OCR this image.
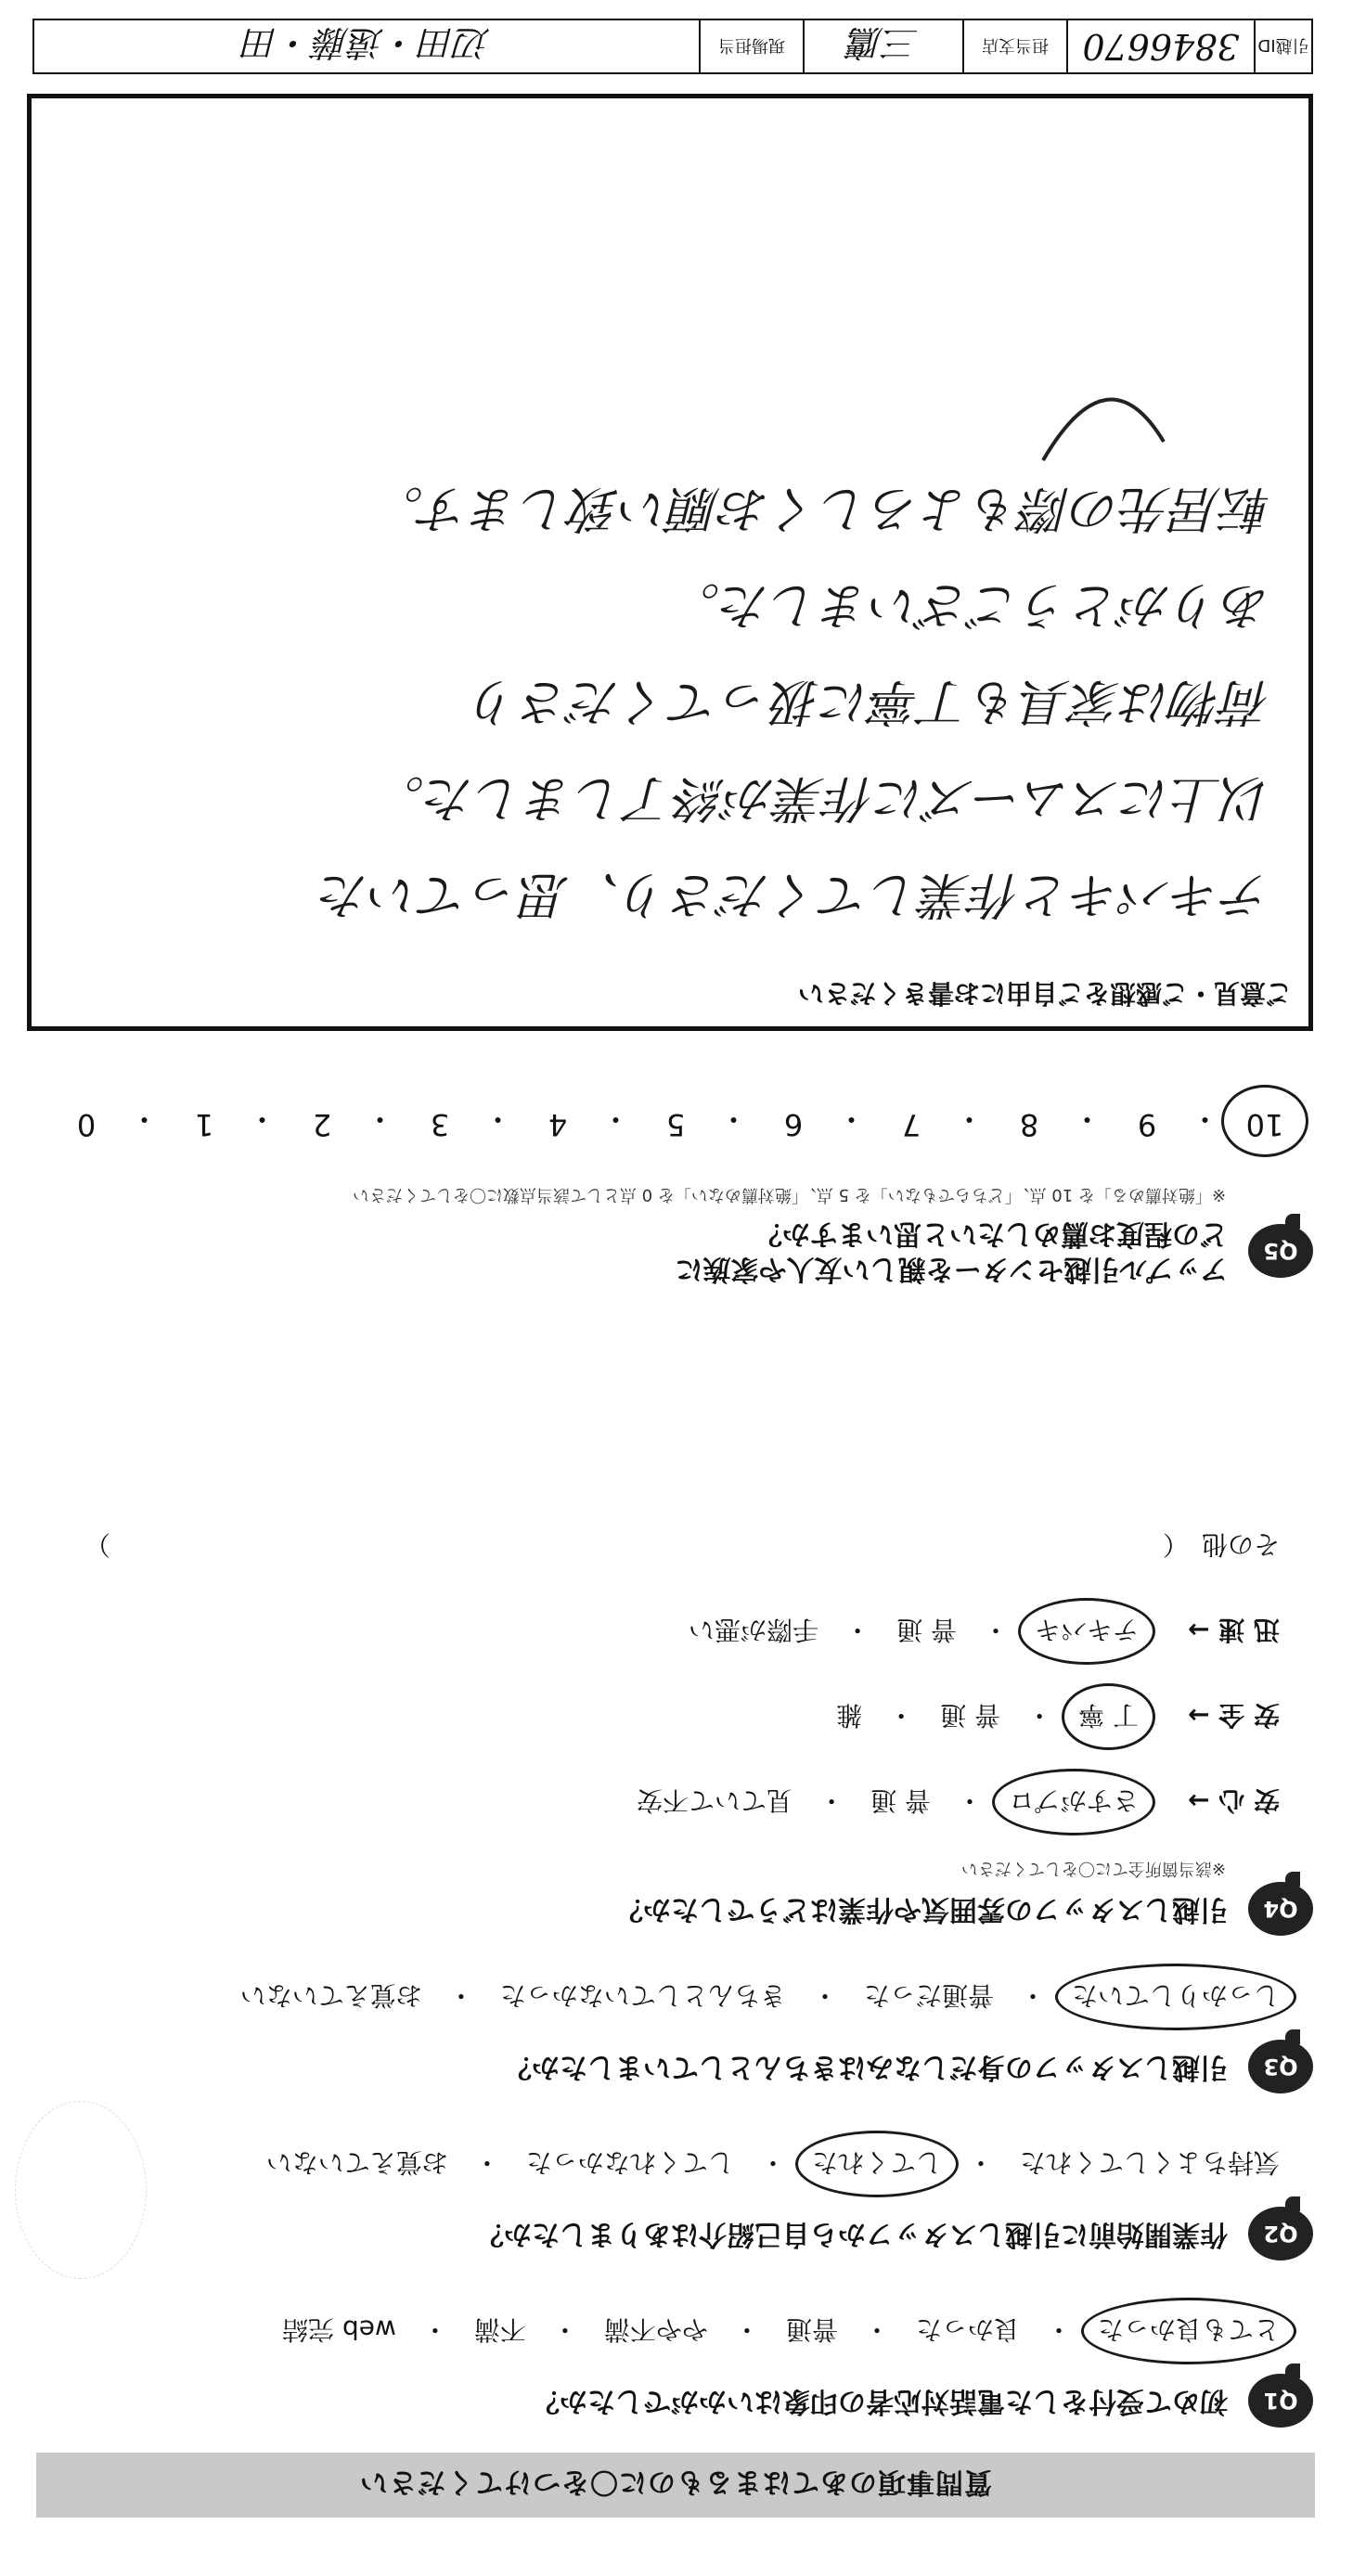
質問事項のあてはまるものに〇をつけてください
Q1
初めて受付をした電話対応者の印象はいかがでしたか？
とても良かった
・
良かった
・
普通
・
やや不満
・
不満
・
web 完結
Q2
作業開始前に引越しスタッフから自己紹介はありましたか？
気持ちよくしてくれた
・
してくれた
・
してくれなかった
・
お覚えていない
Q3
引越しスタッフの身だしなみはきちんとしていましたか？
しっかりしていた
・
普通だった
・
きちんとしていなかった
・
お覚えていない
Q4
引越しスタッフの雰囲気や作業はどうでしたか？
※該当箇所全てに〇をしてください
安 心 →
さすがプロ
・
普 通
・
見ていて不安
安 全 →
丁 寧
・
普 通
・
雑
迅 速 →
テキパキ
・
普 通
・
手際が悪い
その他　（
）
Q5
アップル引越センターを親しい友人や家族に
どの程度お薦めしたいと思いますか？
※「絶対薦める」を 10 点、「どちらでもない」を 5 点、「絶対薦めない」を 0 点として該当点数に〇をしてください
10
・
9
・
8
・
7
・
6
・
5
・
4
・
3
・
2
・
1
・
0
ご意見・ご感想をご自由にお書きください
テキパキと作業してくださり、思っていた
以上にスムーズに作業が終了しました。
荷物は家具も丁寧に扱ってくださり
ありがとうございました。
転居先の際もよろしくお願い致します。
引越ID
3846670
担当支店
三鷹
現場担当
辺田・遠藤・田
